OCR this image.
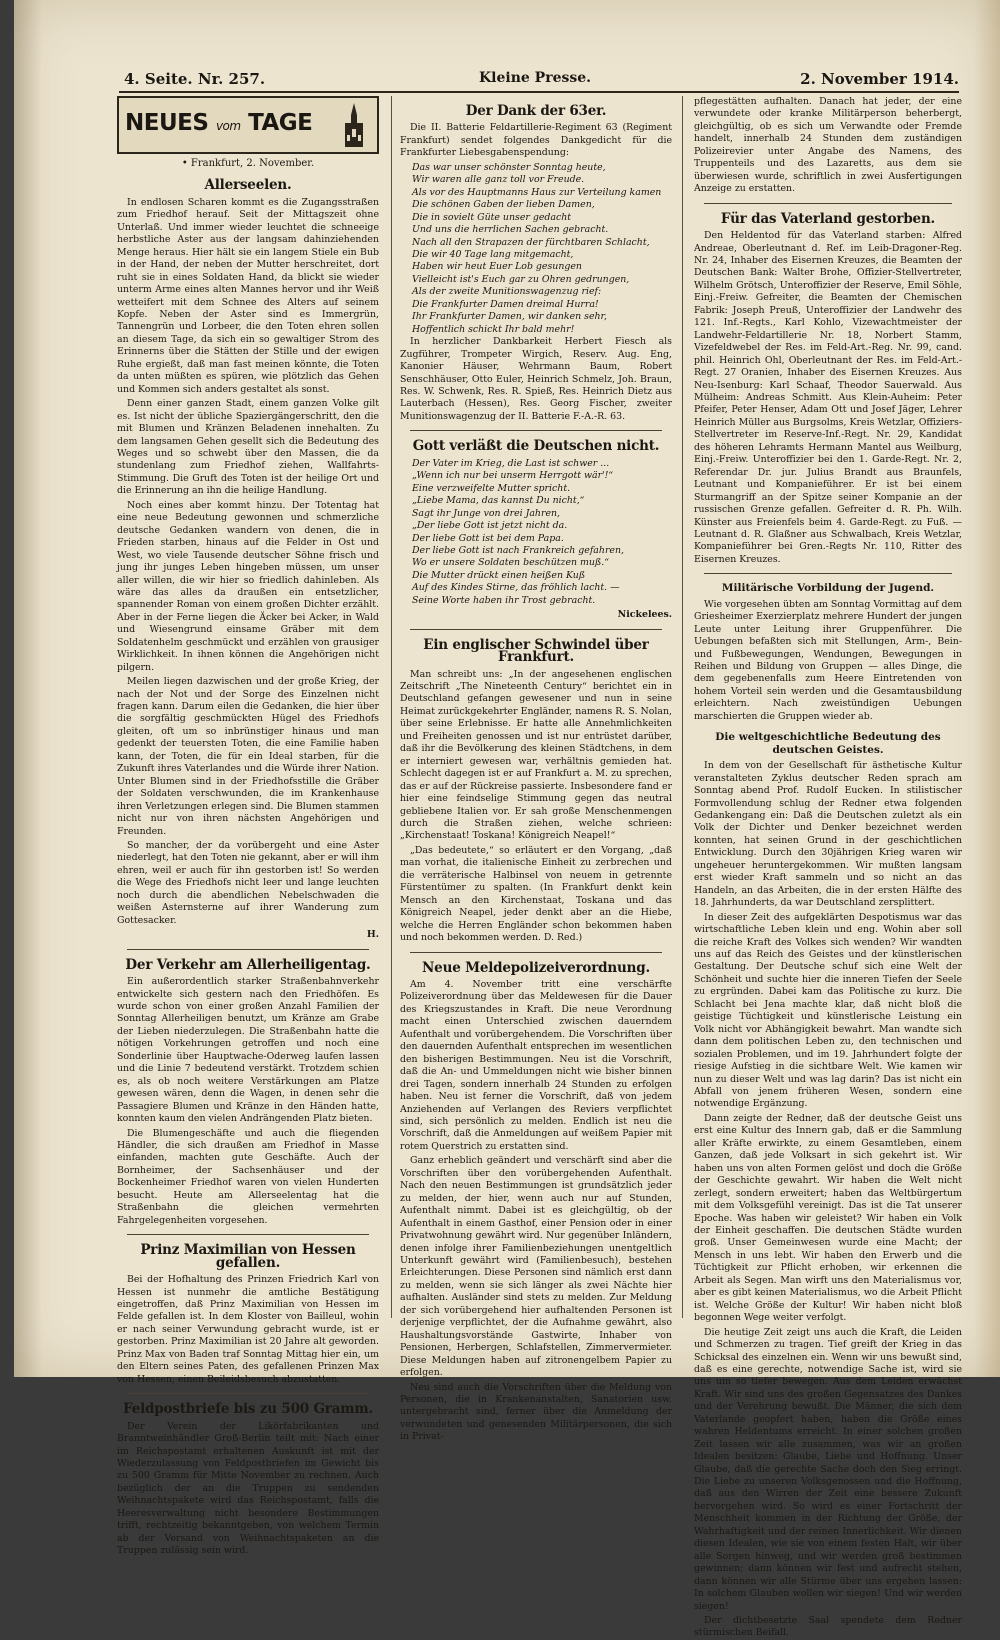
4. Seite. Nr. 257.	Kleine Presse.	2. November 1914.
NEUES vom TAGE
• Frankfurt, 2. November.
Allerseelen.

In endlosen Scharen kommt es die Zugangsstraßen zum Friedhof herauf. Seit der Mittagszeit ohne Unterlaß. Und immer wieder leuchtet die schneeige herbstliche Aster aus der langsam dahinziehenden Menge heraus. Hier hält sie ein langem Stiele ein Bub in der Hand, der neben der Mutter herschreitet, dort ruht sie in eines Soldaten Hand, da blickt sie wieder unterm Arme eines alten Mannes hervor und ihr Weiß wetteifert mit dem Schnee des Alters auf seinem Kopfe. Neben der Aster sind es Immergrün, Tannengrün und Lorbeer, die den Toten ehren sollen an diesem Tage, da sich ein so gewaltiger Strom des Erinnerns über die Stätten der Stille und der ewigen Ruhe ergießt, daß man fast meinen könnte, die Toten da unten müßten es spüren, wie plötzlich das Gehen und Kommen sich anders gestaltet als sonst.

Denn einer ganzen Stadt, einem ganzen Volke gilt es. Ist nicht der übliche Spaziergängerschritt, den die mit Blumen und Kränzen Beladenen innehalten. Zu dem langsamen Gehen gesellt sich die Bedeutung des Weges und so schwebt über den Massen, die da stundenlang zum Friedhof ziehen, Wallfahrts-Stimmung. Die Gruft des Toten ist der heilige Ort und die Erinnerung an ihn die heilige Handlung.

Noch eines aber kommt hinzu. Der Totentag hat eine neue Bedeutung gewonnen und schmerzliche deutsche Gedanken wandern von denen, die in Frieden starben, hinaus auf die Felder in Ost und West, wo viele Tausende deutscher Söhne frisch und jung ihr junges Leben hingeben müssen, um unser aller willen, die wir hier so friedlich dahinleben. Als wäre das alles da draußen ein entsetzlicher, spannender Roman von einem großen Dichter erzählt. Aber in der Ferne liegen die Äcker bei Acker, in Wald und Wiesengrund einsame Gräber mit dem Soldatenhelm geschmückt und erzählen von grausiger Wirklichkeit. In ihnen können die Angehörigen nicht pilgern.

Meilen liegen dazwischen und der große Krieg, der nach der Not und der Sorge des Einzelnen nicht fragen kann. Darum eilen die Gedanken, die hier über die sorgfältig geschmückten Hügel des Friedhofs gleiten, oft um so inbrünstiger hinaus und man gedenkt der teuersten Toten, die eine Familie haben kann, der Toten, die für ein Ideal starben, für die Zukunft ihres Vaterlandes und die Würde ihrer Nation. Unter Blumen sind in der Friedhofsstille die Gräber der Soldaten verschwunden, die im Krankenhause ihren Verletzungen erlegen sind. Die Blumen stammen nicht nur von ihren nächsten Angehörigen und Freunden.

So mancher, der da vorübergeht und eine Aster niederlegt, hat den Toten nie gekannt, aber er will ihm ehren, weil er auch für ihn gestorben ist! So werden die Wege des Friedhofs nicht leer und lange leuchten noch durch die abendlichen Nebelschwaden die weißen Asternsterne auf ihrer Wanderung zum Gottesacker.

H.
Der Verkehr am Allerheiligentag.

Ein außerordentlich starker Straßenbahnverkehr entwickelte sich gestern nach den Friedhöfen. Es wurde schon von einer großen Anzahl Familien der Sonntag Allerheiligen benutzt, um Kränze am Grabe der Lieben niederzulegen. Die Straßenbahn hatte die nötigen Vorkehrungen getroffen und noch eine Sonderlinie über Hauptwache-Oderweg laufen lassen und die Linie 7 bedeutend verstärkt. Trotzdem schien es, als ob noch weitere Verstärkungen am Platze gewesen wären, denn die Wagen, in denen sehr die Passagiere Blumen und Kränze in den Händen hatte, konnten kaum den vielen Andrängenden Platz bieten.

Die Blumengeschäfte und auch die fliegenden Händler, die sich draußen am Friedhof in Masse einfanden, machten gute Geschäfte. Auch der Bornheimer, der Sachsenhäuser und der Bockenheimer Friedhof waren von vielen Hunderten besucht. Heute am Allerseelentag hat die Straßenbahn die gleichen vermehrten Fahrgelegenheiten vorgesehen.

Prinz Maximilian von Hessen gefallen.

Bei der Hofhaltung des Prinzen Friedrich Karl von Hessen ist nunmehr die amtliche Bestätigung eingetroffen, daß Prinz Maximilian von Hessen im Felde gefallen ist. In dem Kloster von Bailleul, wohin er nach seiner Verwundung gebracht wurde, ist er gestorben. Prinz Maximilian ist 20 Jahre alt geworden. Prinz Max von Baden traf Sonntag Mittag hier ein, um den Eltern seines Paten, des gefallenen Prinzen Max von Hessen, einen Beileidsbesuch abzustatten.

Feldpostbriefe bis zu 500 Gramm.

Der Verein der Likörfabrikanten und Branntweinhändler Groß-Berlin teilt mit: Nach einer im Reichspostamt erhaltenen Auskunft ist mit der Wiederzulassung von Feldpostbriefen im Gewicht bis zu 500 Gramm für Mitte November zu rechnen. Auch bezüglich der an die Truppen zu sendenden Weihnachtspakete wird das Reichspostamt, falls die Heeresverwaltung nicht besondere Bestimmungen trifft, rechtzeitig bekanntgeben, von welchem Termin ab der Versand von Weihnachtspaketen an die Truppen zulässig sein wird.

Der Dank der 63er.

Die II. Batterie Feldartillerie-Regiment 63 (Regiment Frankfurt) sendet folgendes Dankgedicht für die Frankfurter Liebesgabenspendung:

Das war unser schönster Sonntag heute,

Wir waren alle ganz toll vor Freude.

Als vor des Hauptmanns Haus zur Verteilung kamen

Die schönen Gaben der lieben Damen,

Die in sovielt Güte unser gedacht

Und uns die herrlichen Sachen gebracht.

Nach all den Strapazen der fürchtbaren Schlacht,

Die wir 40 Tage lang mitgemacht,

Haben wir heut Euer Lob gesungen

Vielleicht ist's Euch gar zu Ohren gedrungen,

Als der zweite Munitionswagenzug rief:

Die Frankfurter Damen dreimal Hurra!

Ihr Frankfurter Damen, wir danken sehr,

Hoffentlich schickt Ihr bald mehr!

In herzlicher Dankbarkeit Herbert Fiesch als Zugführer, Trompeter Wirgich, Reserv. Aug. Eng, Kanonier Häuser, Wehrmann Baum, Robert Senschhäuser, Otto Euler, Heinrich Schmelz, Joh. Braun, Res. W. Schwenk, Res. R. Spieß, Res. Heinrich Dietz aus Lauterbach (Hessen), Res. Georg Fischer, zweiter Munitionswagenzug der II. Batterie F.-A.-R. 63.

Gott verläßt die Deutschen nicht.

Der Vater im Krieg, die Last ist schwer ...

„Wenn ich nur bei unserm Herrgott wär'!“

Eine verzweifelte Mutter spricht.

„Liebe Mama, das kannst Du nicht,“

Sagt ihr Junge von drei Jahren,

„Der liebe Gott ist jetzt nicht da.

Der liebe Gott ist bei dem Papa.

Der liebe Gott ist nach Frankreich gefahren,

Wo er unsere Soldaten beschützen muß.“

Die Mutter drückt einen heißen Kuß

Auf des Kindes Stirne, das fröhlich lacht. —

Seine Worte haben ihr Trost gebracht.

Nickelees.
Ein englischer Schwindel über Frankfurt.

Man schreibt uns: „In der angesehenen englischen Zeitschrift „The Nineteenth Century“ berichtet ein in Deutschland gefangen gewesener und nun in seine Heimat zurückgekehrter Engländer, namens R. S. Nolan, über seine Erlebnisse. Er hatte alle Annehmlichkeiten und Freiheiten genossen und ist nur entrüstet darüber, daß ihr die Bevölkerung des kleinen Städtchens, in dem er interniert gewesen war, verhältnis gemieden hat. Schlecht dagegen ist er auf Frankfurt a. M. zu sprechen, das er auf der Rückreise passierte. Insbesondere fand er hier eine feindselige Stimmung gegen das neutral gebliebene Italien vor. Er sah große Menschenmengen durch die Straßen ziehen, welche schrieen: „Kirchenstaat! Toskana! Königreich Neapel!“

„Das bedeutete,“ so erläutert er den Vorgang, „daß man vorhat, die italienische Einheit zu zerbrechen und die verräterische Halbinsel von neuem in getrennte Fürstentümer zu spalten. (In Frankfurt denkt kein Mensch an den Kirchenstaat, Toskana und das Königreich Neapel, jeder denkt aber an die Hiebe, welche die Herren Engländer schon bekommen haben und noch bekommen werden. D. Red.)

Neue Meldepolizeiverordnung.

Am 4. November tritt eine verschärfte Polizeiverordnung über das Meldewesen für die Dauer des Kriegszustandes in Kraft. Die neue Verordnung macht einen Unterschied zwischen dauerndem Aufenthalt und vorübergehendem. Die Vorschriften über den dauernden Aufenthalt entsprechen im wesentlichen den bisherigen Bestimmungen. Neu ist die Vorschrift, daß die An- und Ummeldungen nicht wie bisher binnen drei Tagen, sondern innerhalb 24 Stunden zu erfolgen haben. Neu ist ferner die Vorschrift, daß von jedem Anziehenden auf Verlangen des Reviers verpflichtet sind, sich persönlich zu melden. Endlich ist neu die Vorschrift, daß die Anmeldungen auf weißem Papier mit rotem Querstrich zu erstatten sind.

Ganz erheblich geändert und verschärft sind aber die Vorschriften über den vorübergehenden Aufenthalt. Nach den neuen Bestimmungen ist grundsätzlich jeder zu melden, der hier, wenn auch nur auf Stunden, Aufenthalt nimmt. Dabei ist es gleichgültig, ob der Aufenthalt in einem Gasthof, einer Pension oder in einer Privatwohnung gewährt wird. Nur gegenüber Inländern, denen infolge ihrer Familienbeziehungen unentgeltlich Unterkunft gewährt wird (Familienbesuch), bestehen Erleichterungen. Diese Personen sind nämlich erst dann zu melden, wenn sie sich länger als zwei Nächte hier aufhalten. Ausländer sind stets zu melden. Zur Meldung der sich vorübergehend hier aufhaltenden Personen ist derjenige verpflichtet, der die Aufnahme gewährt, also Haushaltungsvorstände Gastwirte, Inhaber von Pensionen, Herbergen, Schlafstellen, Zimmervermieter. Diese Meldungen haben auf zitronengelbem Papier zu erfolgen.

Neu sind auch die Vorschriften über die Meldung von Personen, die in Krankenanstalten, Sanatorien usw. untergebracht sind, ferner über die Anmeldung der verwundeten und genesenden Militärpersonen, die sich in Privat-

pflegestätten aufhalten. Danach hat jeder, der eine verwundete oder kranke Militärperson beherbergt, gleichgültig, ob es sich um Verwandte oder Fremde handelt, innerhalb 24 Stunden dem zuständigen Polizeirevier unter Angabe des Namens, des Truppenteils und des Lazaretts, aus dem sie überwiesen wurde, schriftlich in zwei Ausfertigungen Anzeige zu erstatten.

Für das Vaterland gestorben.

Den Heldentod für das Vaterland starben: Alfred Andreae, Oberleutnant d. Ref. im Leib-Dragoner-Reg. Nr. 24, Inhaber des Eisernen Kreuzes, die Beamten der Deutschen Bank: Walter Brohe, Offizier-Stellvertreter, Wilhelm Grötsch, Unteroffizier der Reserve, Emil Söhle, Einj.-Freiw. Gefreiter, die Beamten der Chemischen Fabrik: Joseph Preuß, Unteroffizier der Landwehr des 121. Inf.-Regts., Karl Kohlo, Vizewachtmeister der Landwehr-Feldartillerie Nr. 18, Norbert Stamm, Vizefeldwebel der Res. im Feld-Art.-Reg. Nr. 99, cand. phil. Heinrich Ohl, Oberleutnant der Res. im Feld-Art.-Regt. 27 Oranien, Inhaber des Eisernen Kreuzes. Aus Neu-Isenburg: Karl Schaaf, Theodor Sauerwald. Aus Mülheim: Andreas Schmitt. Aus Klein-Auheim: Peter Pfeifer, Peter Henser, Adam Ott und Josef Jäger, Lehrer Heinrich Müller aus Burgsolms, Kreis Wetzlar, Offiziers-Stellvertreter im Reserve-Inf.-Regt. Nr. 29, Kandidat des höheren Lehramts Hermann Mantel aus Weilburg, Einj.-Freiw. Unteroffizier bei den 1. Garde-Regt. Nr. 2, Referendar Dr. jur. Julius Brandt aus Braunfels, Leutnant und Kompanieführer. Er ist bei einem Sturmangriff an der Spitze seiner Kompanie an der russischen Grenze gefallen. Gefreiter d. R. Ph. Wilh. Künster aus Freienfels beim 4. Garde-Regt. zu Fuß. — Leutnant d. R. Glaßner aus Schwalbach, Kreis Wetzlar, Kompanieführer bei Gren.-Regts Nr. 110, Ritter des Eisernen Kreuzes.

Militärische Vorbildung der Jugend.

Wie vorgesehen übten am Sonntag Vormittag auf dem Griesheimer Exerzierplatz mehrere Hundert der jungen Leute unter Leitung ihrer Gruppenführer. Die Uebungen befaßten sich mit Stellungen, Arm-, Bein- und Fußbewegungen, Wendungen, Bewegungen in Reihen und Bildung von Gruppen — alles Dinge, die dem gegebenenfalls zum Heere Eintretenden von hohem Vorteil sein werden und die Gesamtausbildung erleichtern. Nach zweistündigen Uebungen marschierten die Gruppen wieder ab.

Die weltgeschichtliche Bedeutung des deutschen Geistes.

In dem von der Gesellschaft für ästhetische Kultur veranstalteten Zyklus deutscher Reden sprach am Sonntag abend Prof. Rudolf Eucken. In stilistischer Formvollendung schlug der Redner etwa folgenden Gedankengang ein: Daß die Deutschen zuletzt als ein Volk der Dichter und Denker bezeichnet werden konnten, hat seinen Grund in der geschichtlichen Entwicklung. Durch den 30jährigen Krieg waren wir ungeheuer heruntergekommen. Wir mußten langsam erst wieder Kraft sammeln und so nicht an das Handeln, an das Arbeiten, die in der ersten Hälfte des 18. Jahrhunderts, da war Deutschland zersplittert.

In dieser Zeit des aufgeklärten Despotismus war das wirtschaftliche Leben klein und eng. Wohin aber soll die reiche Kraft des Volkes sich wenden? Wir wandten uns auf das Reich des Geistes und der künstlerischen Gestaltung. Der Deutsche schuf sich eine Welt der Schönheit und suchte hier die inneren Tiefen der Seele zu ergründen. Dabei kam das Politische zu kurz. Die Schlacht bei Jena machte klar, daß nicht bloß die geistige Tüchtigkeit und künstlerische Leistung ein Volk nicht vor Abhängigkeit bewahrt. Man wandte sich dann dem politischen Leben zu, den technischen und sozialen Problemen, und im 19. Jahrhundert folgte der riesige Aufstieg in die sichtbare Welt. Wie kamen wir nun zu dieser Welt und was lag darin? Das ist nicht ein Abfall von jenem früheren Wesen, sondern eine notwendige Ergänzung.

Dann zeigte der Redner, daß der deutsche Geist uns erst eine Kultur des Innern gab, daß er die Sammlung aller Kräfte erwirkte, zu einem Gesamtleben, einem Ganzen, daß jede Volksart in sich gekehrt ist. Wir haben uns von alten Formen gelöst und doch die Größe der Geschichte gewahrt. Wir haben die Welt nicht zerlegt, sondern erweitert; haben das Weltbürgertum mit dem Volksgefühl vereinigt. Das ist die Tat unserer Epoche. Was haben wir geleistet? Wir haben ein Volk der Einheit geschaffen. Die deutschen Städte wurden groß. Unser Gemeinwesen wurde eine Macht; der Mensch in uns lebt. Wir haben den Erwerb und die Tüchtigkeit zur Pflicht erhoben, wir erkennen die Arbeit als Segen. Man wirft uns den Materialismus vor, aber es gibt keinen Materialismus, wo die Arbeit Pflicht ist. Welche Größe der Kultur! Wir haben nicht bloß begonnen Wege weiter verfolgt.

Die heutige Zeit zeigt uns auch die Kraft, die Leiden und Schmerzen zu tragen. Tief greift der Krieg in das Schicksal des einzelnen ein. Wenn wir uns bewußt sind, daß es eine gerechte, notwendige Sache ist, wird sie uns um so tiefer bewegen. Aus dem Leiden erwächst Kraft. Wir sind uns des großen Gegensatzes des Dankes und der Verehrung bewußt. Die Männer, die sich dem Vaterlande geopfert haben, haben die Größe eines wahren Heldentums erreicht. In einer solchen großen Zeit lassen wir alle zusammen, was wir an großen Idealen besitzen: Glaube, Liebe und Hoffnung. Unser Glaube, daß die gerechte Sache doch den Sieg erringt. Die Liebe zu unseren Volksgenossen und die Hoffnung, daß aus den Wirren der Zeit eine bessere Zukunft hervorgehen wird. So wird es einer Fortschritt der Menschheit kommen in der Richtung der Größe, der Wahrhaftigkeit und der reinen Innerlichkeit. Wir dienen diesen Idealen, wie sie von einem festen Halt, wir über alle Sorgen hinweg, und wir werden groß bestimmen gewinnen; dann können wir fest und aufrecht stehen, dann können wir alle Stürme über uns ergehen lassen: In solchem Glauben wollen wir siegen! Und wir werden siegen!

Der dichtbesetzte Saal spendete dem Redner stürmischen Beifall.
